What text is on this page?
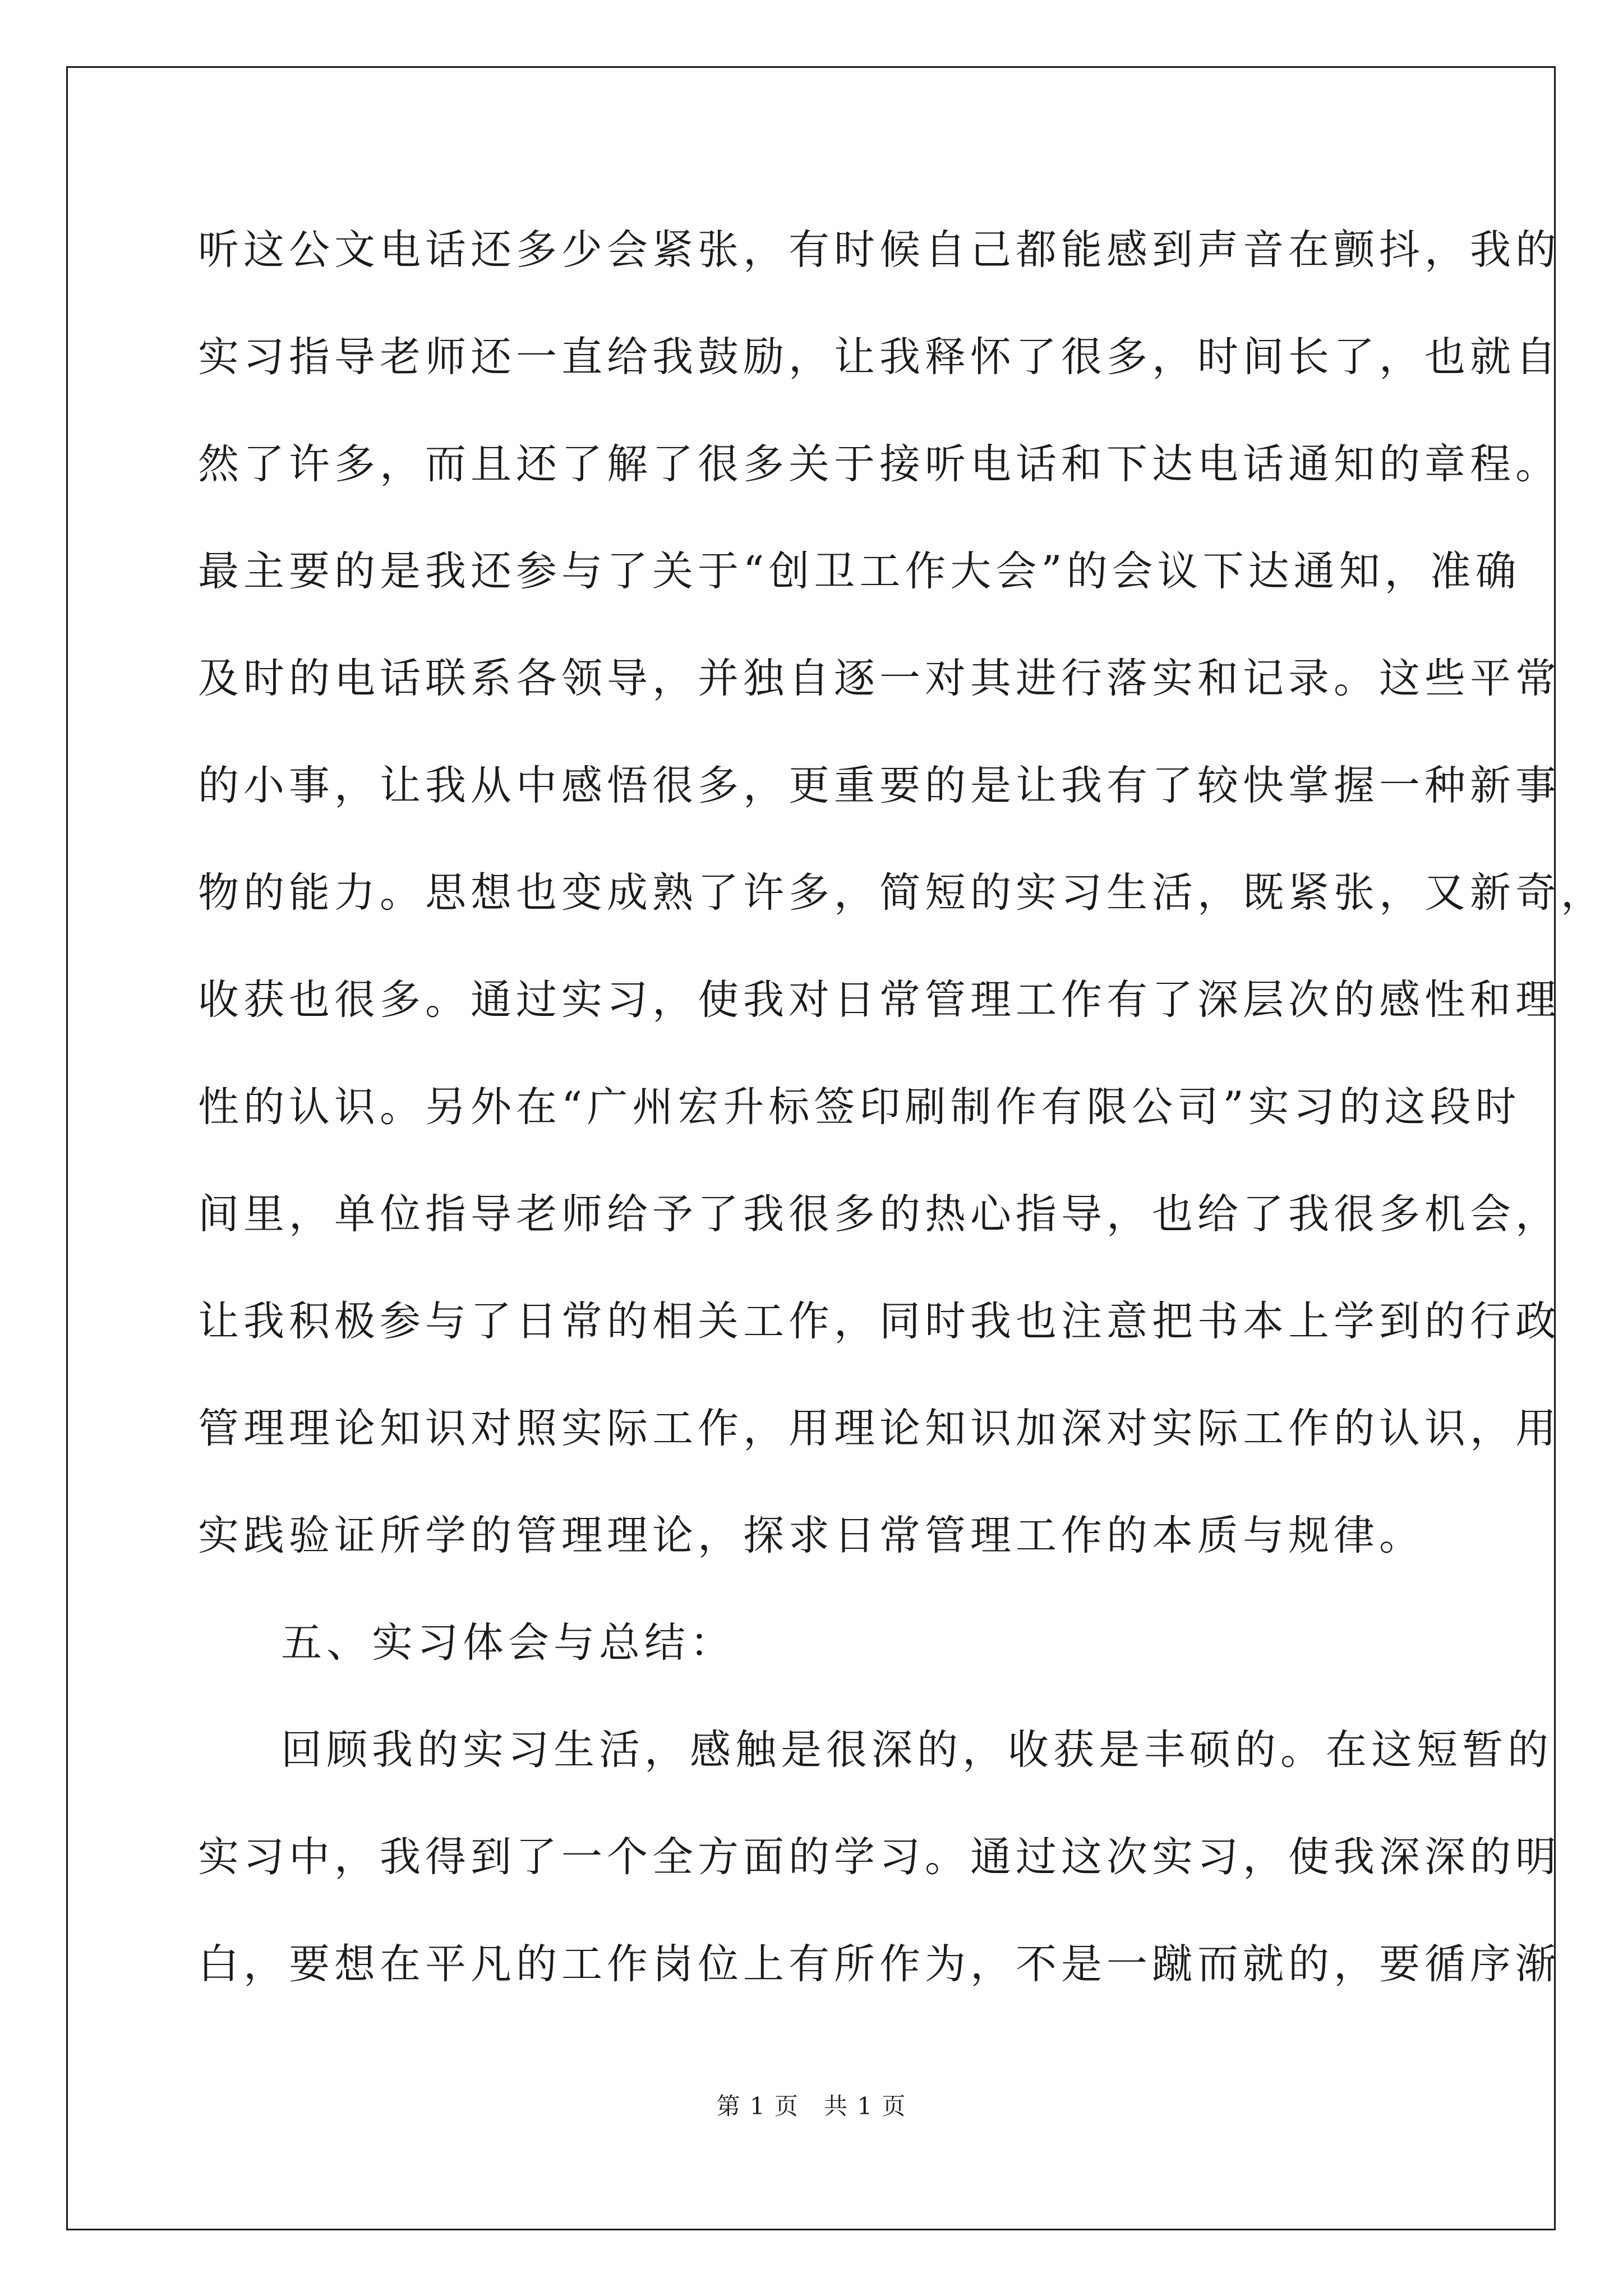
听这公文电话还多少会紧张，有时候自己都能感到声音在颤抖，我的
实习指导老师还一直给我鼓励，让我释怀了很多，时间长了，也就自
然了许多，而且还了解了很多关于接听电话和下达电话通知的章程。
最主要的是我还参与了关于“创卫工作大会”的会议下达通知，准确
及时的电话联系各领导，并独自逐一对其进行落实和记录。这些平常
的小事，让我从中感悟很多，更重要的是让我有了较快掌握一种新事
物的能力。思想也变成熟了许多，简短的实习生活，既紧张，又新奇，
收获也很多。通过实习，使我对日常管理工作有了深层次的感性和理
性的认识。另外在“广州宏升标签印刷制作有限公司”实习的这段时
间里，单位指导老师给予了我很多的热心指导，也给了我很多机会，
让我积极参与了日常的相关工作，同时我也注意把书本上学到的行政
管理理论知识对照实际工作，用理论知识加深对实际工作的认识，用
实践验证所学的管理理论，探求日常管理工作的本质与规律。
五、实习体会与总结：
回顾我的实习生活，感触是很深的，收获是丰硕的。在这短暂的
实习中，我得到了一个全方面的学习。通过这次实习，使我深深的明
白，要想在平凡的工作岗位上有所作为，不是一蹴而就的，要循序渐
第 1 页　共 1 页
